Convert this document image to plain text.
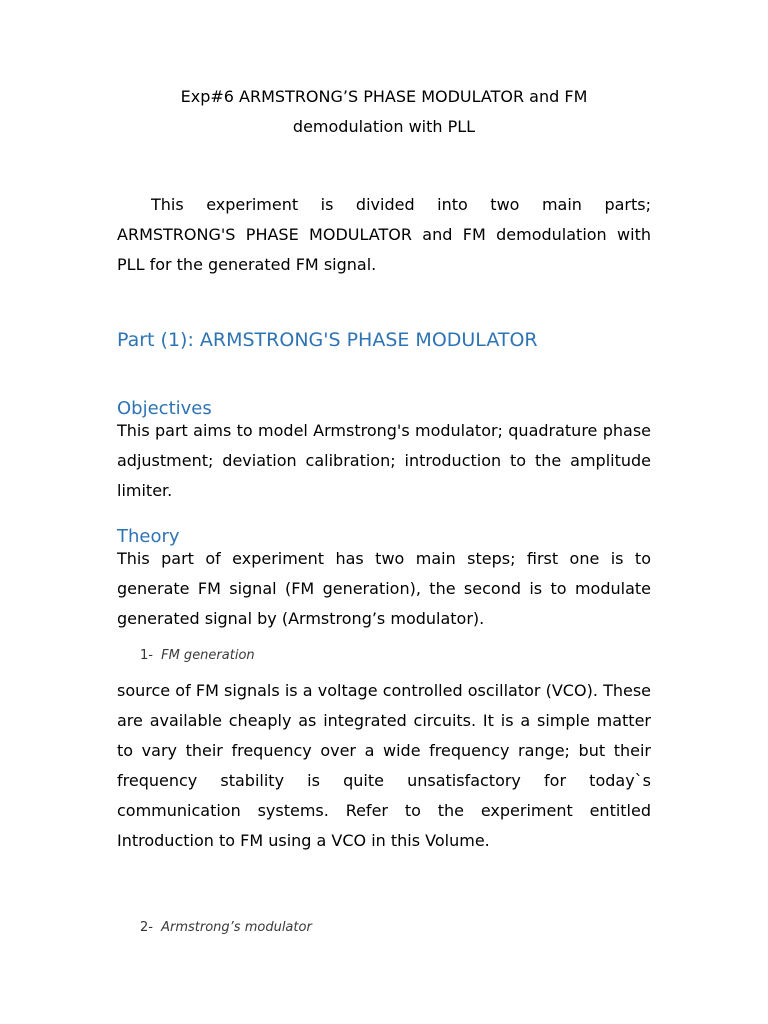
Exp#6 ARMSTRONG’S PHASE MODULATOR and FM
demodulation with PLL

This experiment is divided into two main parts; ARMSTRONG'S PHASE MODULATOR and FM demodulation with PLL for the generated FM signal.

Part (1): ARMSTRONG'S PHASE MODULATOR
Objectives

This part aims to model Armstrong's modulator; quadrature phase adjustment; deviation calibration; introduction to the amplitude limiter.

Theory

This part of experiment has two main steps; first one is to generate FM signal (FM generation), the second is to modulate generated signal by (Armstrong’s modulator).

1- FM generation

source of FM signals is a voltage controlled oscillator (VCO). These are available cheaply as integrated circuits. It is a simple matter to vary their frequency over a wide frequency range; but their frequency stability is quite unsatisfactory for today`s communication systems. Refer to the experiment entitled Introduction to FM using a VCO in this Volume.

2- Armstrong’s modulator
